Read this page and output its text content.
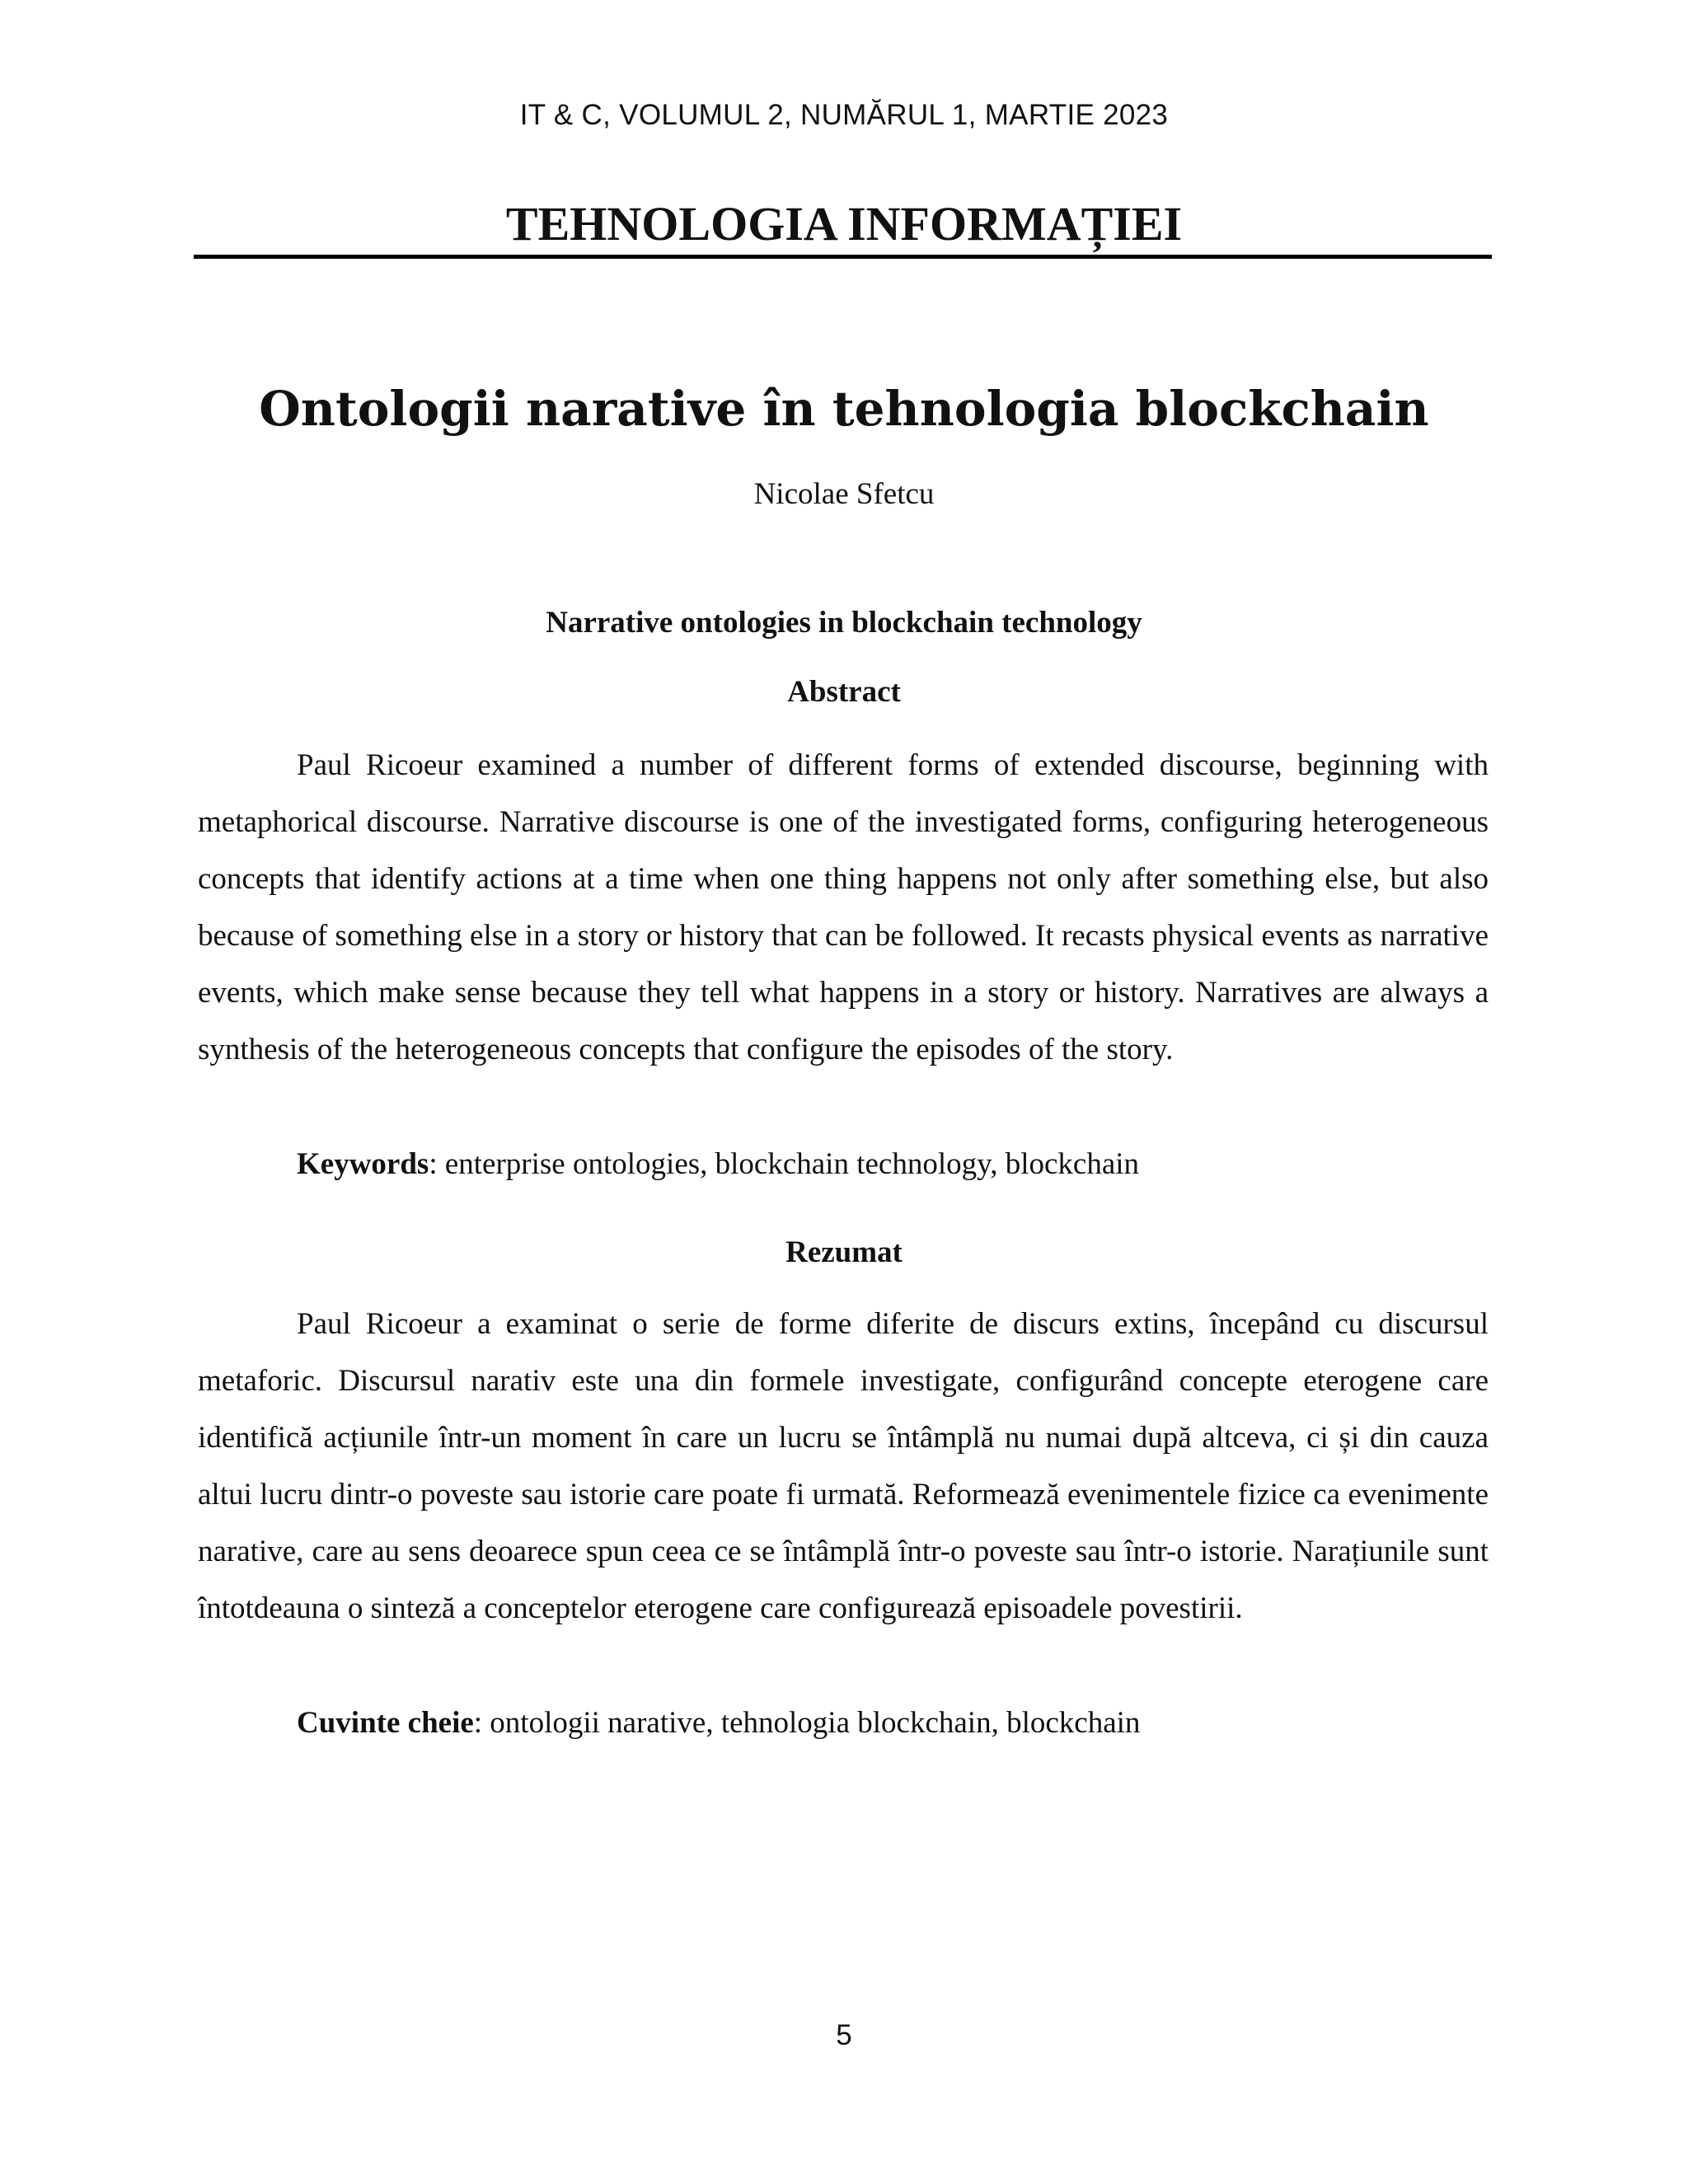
IT & C, VOLUMUL 2, NUMĂRUL 1, MARTIE 2023
TEHNOLOGIA INFORMAȚIEI
Ontologii narative în tehnologia blockchain
Nicolae Sfetcu
Narrative ontologies in blockchain technology
Abstract

Paul Ricoeur examined a number of different forms of extended discourse, beginning with metaphorical discourse. Narrative discourse is one of the investigated forms, configuring heterogeneous concepts that identify actions at a time when one thing happens not only after something else, but also because of something else in a story or history that can be followed. It recasts physical events as narrative events, which make sense because they tell what happens in a story or history. Narratives are always a synthesis of the heterogeneous concepts that configure the episodes of the story.

Keywords: enterprise ontologies, blockchain technology, blockchain

Rezumat

Paul Ricoeur a examinat o serie de forme diferite de discurs extins, începând cu discursul metaforic. Discursul narativ este una din formele investigate, configurând concepte eterogene care identifică acțiunile într-un moment în care un lucru se întâmplă nu numai după altceva, ci și din cauza altui lucru dintr-o poveste sau istorie care poate fi urmată. Reformează evenimentele fizice ca evenimente narative, care au sens deoarece spun ceea ce se întâmplă într-o poveste sau într-o istorie. Narațiunile sunt întotdeauna o sinteză a conceptelor eterogene care configurează episoadele povestirii.

Cuvinte cheie: ontologii narative, tehnologia blockchain, blockchain

5
